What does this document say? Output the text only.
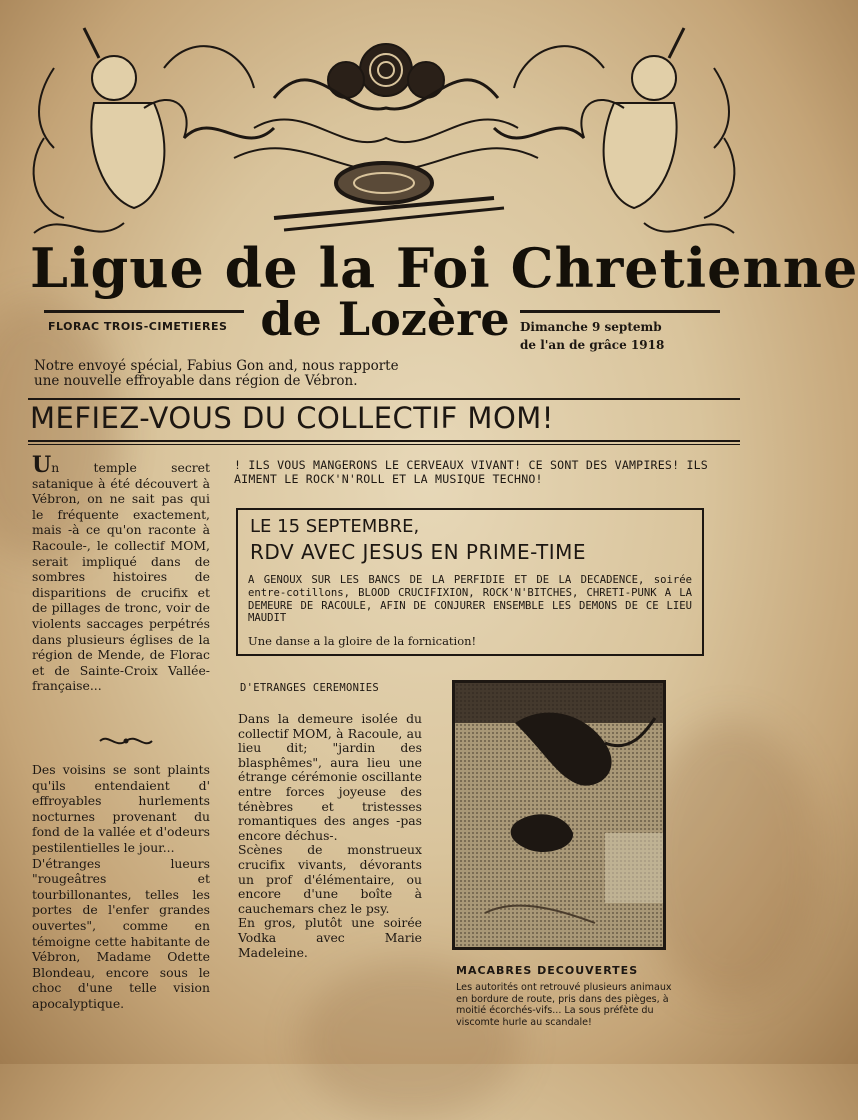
Ligue de la Foi Chretienne
FLORAC TROIS-CIMETIERES de Lozère Dimanche 9 septemb
de l'an de grâce 1918
Notre envoyé spécial, Fabius Gon and, nous rapporte
une nouvelle effroyable dans région de Vébron.
MEFIEZ-VOUS DU COLLECTIF MOM!
Un temple secret satanique à été découvert à Vébron, on ne sait pas qui le fréquente exactement, mais -à ce qu'on raconte à Racoule-, le collectif MOM, serait impliqué dans de sombres histoires de disparitions de crucifix et de pillages de tronc, voir de violents saccages perpétrés dans plusieurs églises de la région de Mende, de Florac et de Sainte-Croix Vallée-française...

Des voisins se sont plaints qu'ils entendaient d' effroyables hurlements nocturnes provenant du fond de la vallée et d'odeurs pestilentielles le jour...

D'étranges lueurs "rougeâtres et tourbillonantes, telles les portes de l'enfer grandes ouvertes", comme en témoigne cette habitante de Vébron, Madame Odette Blondeau, encore sous le choc d'une telle vision apocalyptique.

! ILS VOUS MANGERONS LE CERVEAUX VIVANT! CE SONT DES VAMPIRES! ILS AIMENT LE ROCK'N'ROLL ET LA MUSIQUE TECHNO!
LE 15 SEPTEMBRE,
RDV AVEC JESUS EN PRIME-TIME
A GENOUX SUR LES BANCS DE LA PERFIDIE ET DE LA DECADENCE, soirée entre-cotillons, BLOOD CRUCIFIXION, ROCK'N'BITCHES, CHRETI-PUNK A LA DEMEURE DE RACOULE, AFIN DE CONJURER ENSEMBLE LES DEMONS DE CE LIEU MAUDIT
Une danse a la gloire de la fornication!
D'ETRANGES CEREMONIES
Dans la demeure isolée du collectif MOM, à Racoule, au lieu dit; "jardin des blasphêmes", aura lieu une étrange cérémonie oscillante entre forces joyeuse des ténèbres et tristesses romantiques des anges -pas encore déchus-.
Scènes de monstrueux crucifix vivants, dévorants un prof d'élémentaire, ou encore d'une boîte à cauchemars chez le psy.
En gros, plutôt une soirée Vodka avec Marie Madeleine.
MACABRES DECOUVERTES
Les autorités ont retrouvé plusieurs animaux en bordure de route, pris dans des pièges, à moitié écorchés-vifs... La sous préfète du viscomte hurle au scandale!
